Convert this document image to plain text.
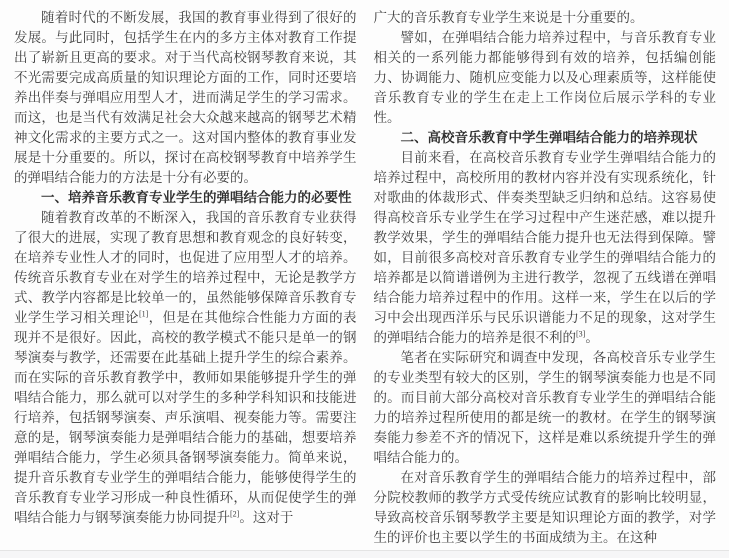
随着时代的不断发展，我国的教育事业得到了很好的发展。与此同时，包括学生在内的多方主体对教育工作提出了崭新且更高的要求。对于当代高校钢琴教育来说，其不光需要完成高质量的知识理论方面的工作，同时还要培养出伴奏与弹唱应用型人才，进而满足学生的学习需求。而这，也是当代有效满足社会大众越来越高的钢琴艺术精神文化需求的主要方式之一。这对国内整体的教育事业发展是十分重要的。所以，探讨在高校钢琴教育中培养学生的弹唱结合能力的方法是十分有必要的。

一、培养音乐教育专业学生的弹唱结合能力的必要性

随着教育改革的不断深入，我国的音乐教育专业获得了很大的进展，实现了教育思想和教育观念的良好转变，在培养专业性人才的同时，也促进了应用型人才的培养。传统音乐教育专业在对学生的培养过程中，无论是教学方式、教学内容都是比较单一的，虽然能够保障音乐教育专业学生学习相关理论[1]，但是在其他综合性能力方面的表现并不是很好。因此，高校的教学模式不能只是单一的钢琴演奏与教学，还需要在此基础上提升学生的综合素养。而在实际的音乐教育教学中，教师如果能够提升学生的弹唱结合能力，那么就可以对学生的多种学科知识和技能进行培养，包括钢琴演奏、声乐演唱、视奏能力等。需要注意的是，钢琴演奏能力是弹唱结合能力的基础，想要培养弹唱结合能力，学生必须具备钢琴演奏能力。简单来说，提升音乐教育专业学生的弹唱结合能力，能够使得学生的音乐教育专业学习形成一种良性循环，从而促使学生的弹唱结合能力与钢琴演奏能力协同提升[2]。这对于

广大的音乐教育专业学生来说是十分重要的。

譬如，在弹唱结合能力培养过程中，与音乐教育专业相关的一系列能力都能够得到有效的培养，包括编创能力、协调能力、随机应变能力以及心理素质等，这样能使音乐教育专业的学生在走上工作岗位后展示学科的专业性。

二、高校音乐教育中学生弹唱结合能力的培养现状

目前来看，在高校音乐教育专业学生弹唱结合能力的培养过程中，高校所用的教材内容并没有实现系统化，针对歌曲的体裁形式、伴奏类型缺乏归纳和总结。这容易使得高校音乐专业学生在学习过程中产生迷茫感，难以提升教学效果，学生的弹唱结合能力提升也无法得到保障。譬如，目前很多高校对音乐教育专业学生的弹唱结合能力的培养都是以简谱谱例为主进行教学，忽视了五线谱在弹唱结合能力培养过程中的作用。这样一来，学生在以后的学习中会出现西洋乐与民乐识谱能力不足的现象，这对学生的弹唱结合能力的培养是很不利的[3]。

笔者在实际研究和调查中发现，各高校音乐专业学生的专业类型有较大的区别，学生的钢琴演奏能力也是不同的。而目前大部分高校对音乐教育专业学生的弹唱结合能力的培养过程所使用的都是统一的教材。在学生的钢琴演奏能力参差不齐的情况下，这样是难以系统提升学生的弹唱结合能力的。

在对音乐教育学生的弹唱结合能力的培养过程中，部分院校教师的教学方式受传统应试教育的影响比较明显，导致高校音乐钢琴教学主要是知识理论方面的教学，对学生的评价也主要以学生的书面成绩为主。在这种
